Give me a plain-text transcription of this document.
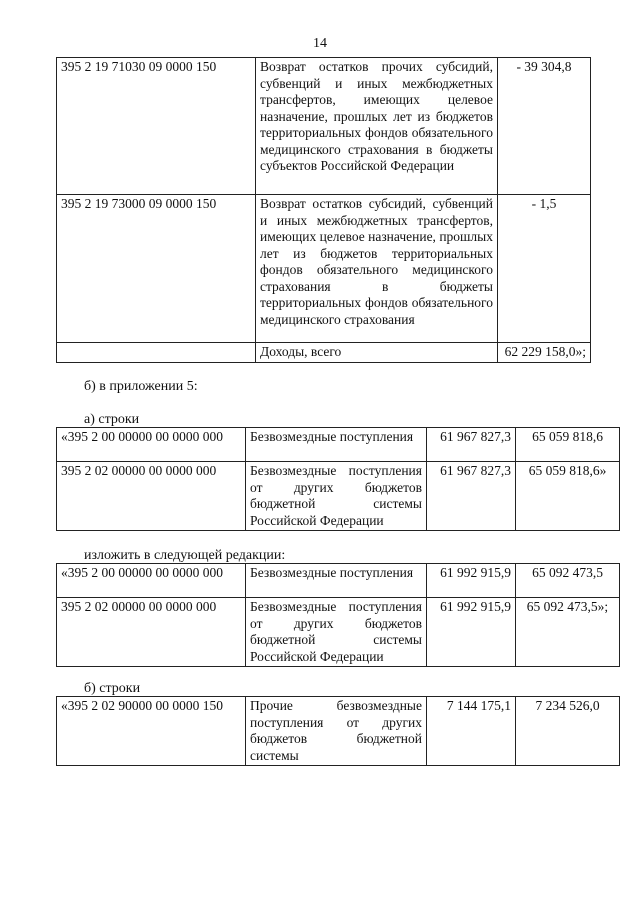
14
395 2 19 71030 09 0000 150	Возврат остатков прочих субсидий, субвенций и иных межбюджетных трансфертов, имеющих целевое назначение, прошлых лет из бюджетов территориальных фондов обязательного медицинского страхования в бюджеты субъектов Российской Федерации	- 39 304,8
395 2 19 73000 09 0000 150	Возврат остатков субсидий, субвенций и иных межбюджетных трансфертов, имеющих целевое назначение, прошлых лет из бюджетов территориальных фондов обязательного медицинского страхования в бюджеты территориальных фондов обязательного медицинского страхования	- 1,5
	Доходы, всего	62 229 158,0»;
б) в приложении 5:
а) строки
«395 2 00 00000 00 0000 000	Безвозмездные поступления	61 967 827,3	65 059 818,6
395 2 02 00000 00 0000 000	Безвозмездные поступления от других бюджетов бюджетной системы Российской Федерации	61 967 827,3	65 059 818,6»
изложить в следующей редакции:
«395 2 00 00000 00 0000 000	Безвозмездные поступления	61 992 915,9	65 092 473,5
395 2 02 00000 00 0000 000	Безвозмездные поступления от других бюджетов бюджетной системы Российской Федерации	61 992 915,9	65 092 473,5»;
б) строки
«395 2 02 90000 00 0000 150	Прочие безвозмездные поступления от других бюджетов бюджетной системы	7 144 175,1	7 234 526,0
